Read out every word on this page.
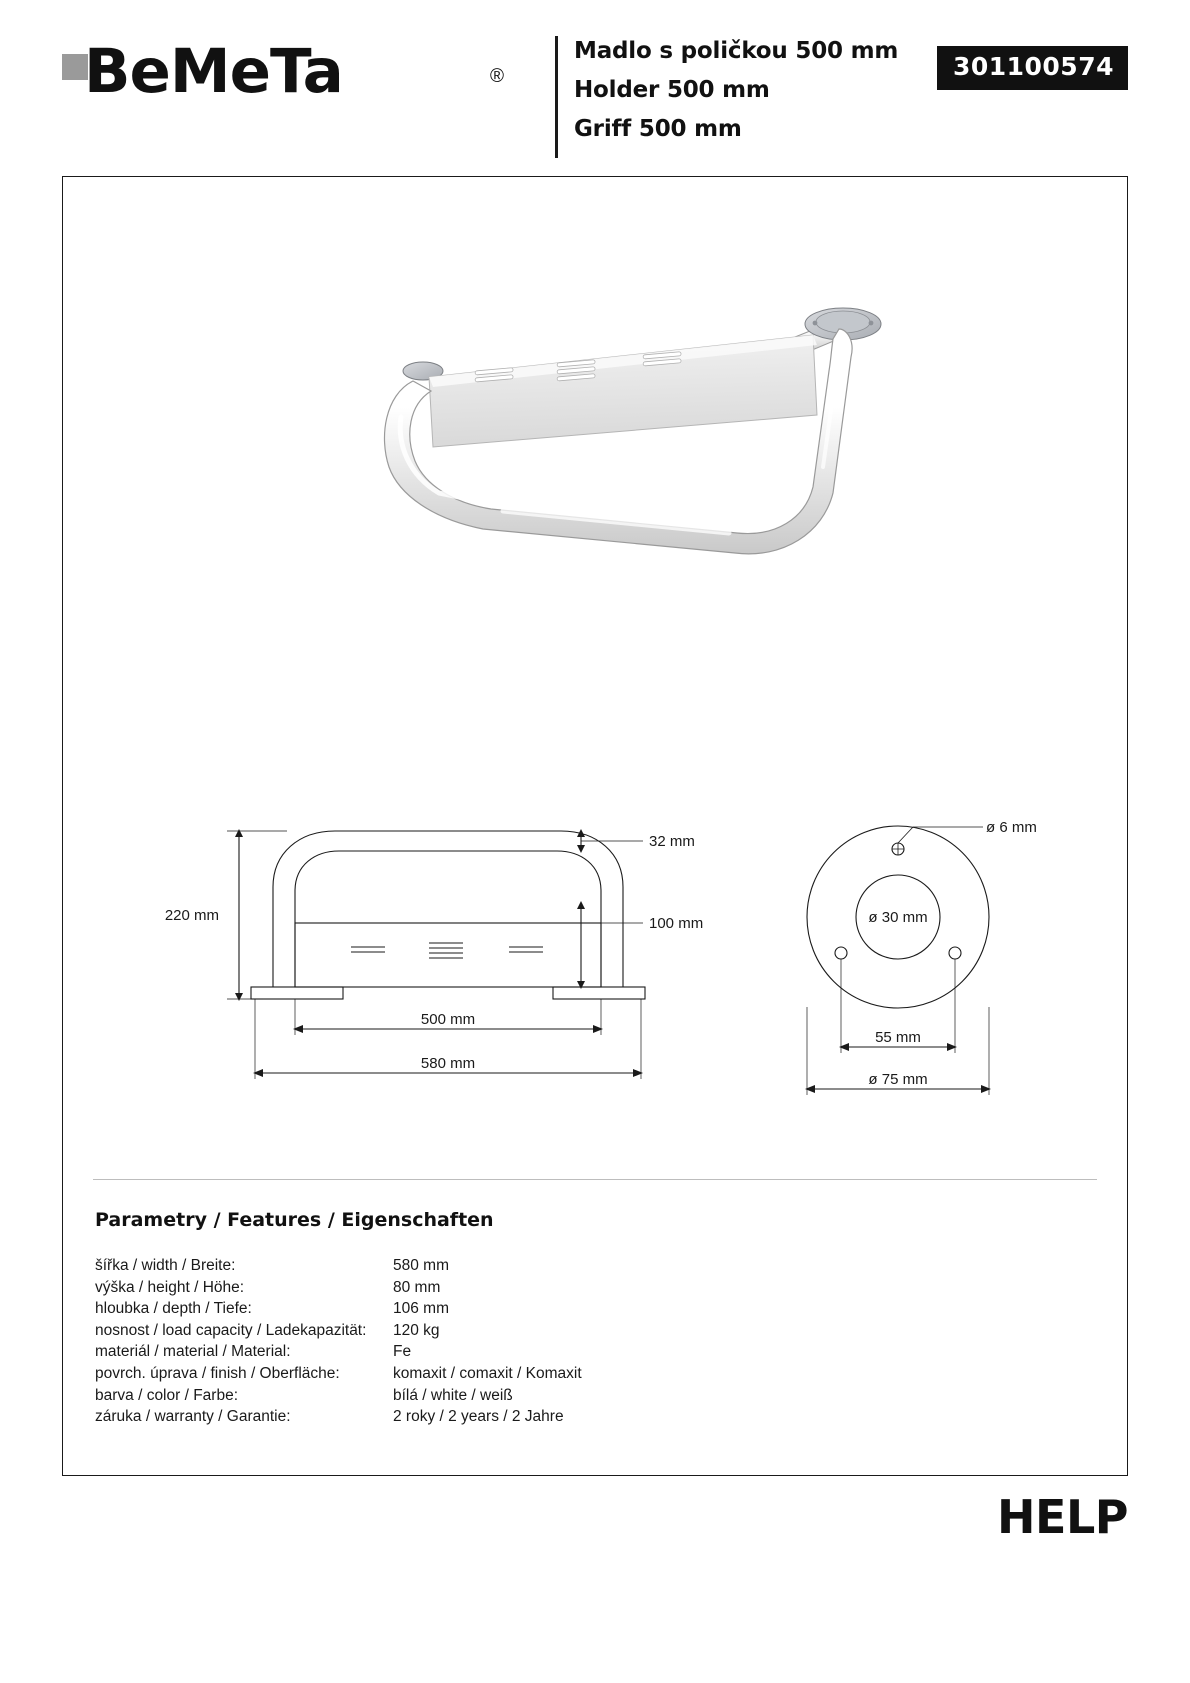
BeMeTa	®
Madlo s poličkou 500 mm
Holder 500 mm
Griff 500 mm
301100574
220 mm
32 mm
100 mm
500 mm
580 mm
ø 6 mm
ø 30 mm
55 mm
ø 75 mm
Parametry / Features / Eigenschaften
šířka / width / Breite:	580 mm
výška / height / Höhe:	80 mm
hloubka / depth / Tiefe:	106 mm
nosnost / load capacity / Ladekapazität:	120 kg
materiál / material / Material:	Fe
povrch. úprava / finish / Oberfläche:	komaxit / comaxit / Komaxit
barva / color / Farbe:	bílá / white / weiß
záruka / warranty / Garantie:	2 roky / 2 years / 2 Jahre
HELP
